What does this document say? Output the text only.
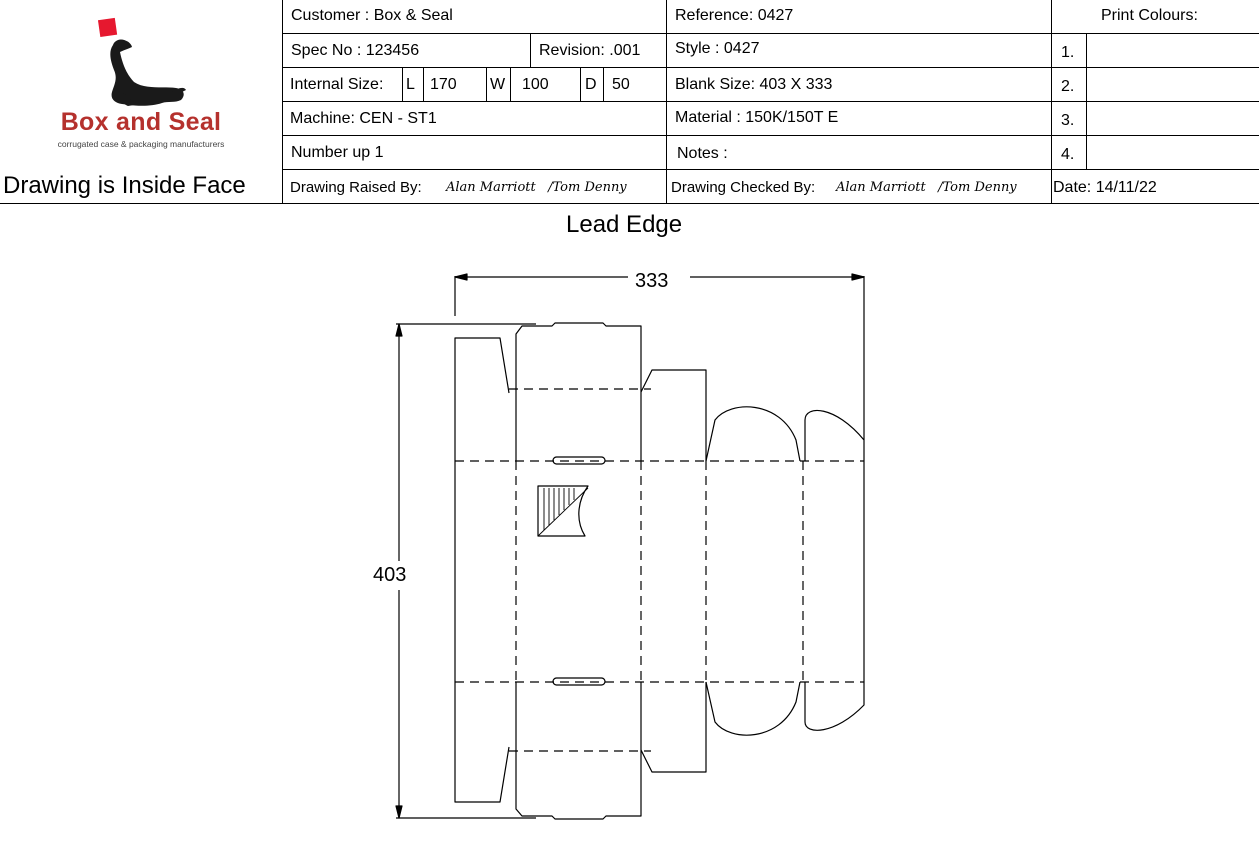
Box and Seal
corrugated case & packaging manufacturers
Drawing is Inside Face
Customer : Box & Seal
Spec No : 123456	Revision: .001
Internal Size: L 170 W 100 D 50
Machine: CEN - ST1
Number up 1
Drawing Raised By: Alan Marriott   /Tom Denny
Reference: 0427
Style : 0427
Blank Size: 403 X 333
Material : 150K/150T E
Notes :
Drawing Checked By: Alan Marriott   /Tom Denny
Print Colours:
1.
2.
3.
4.
Date: 14/11/22
Lead Edge
333
403
